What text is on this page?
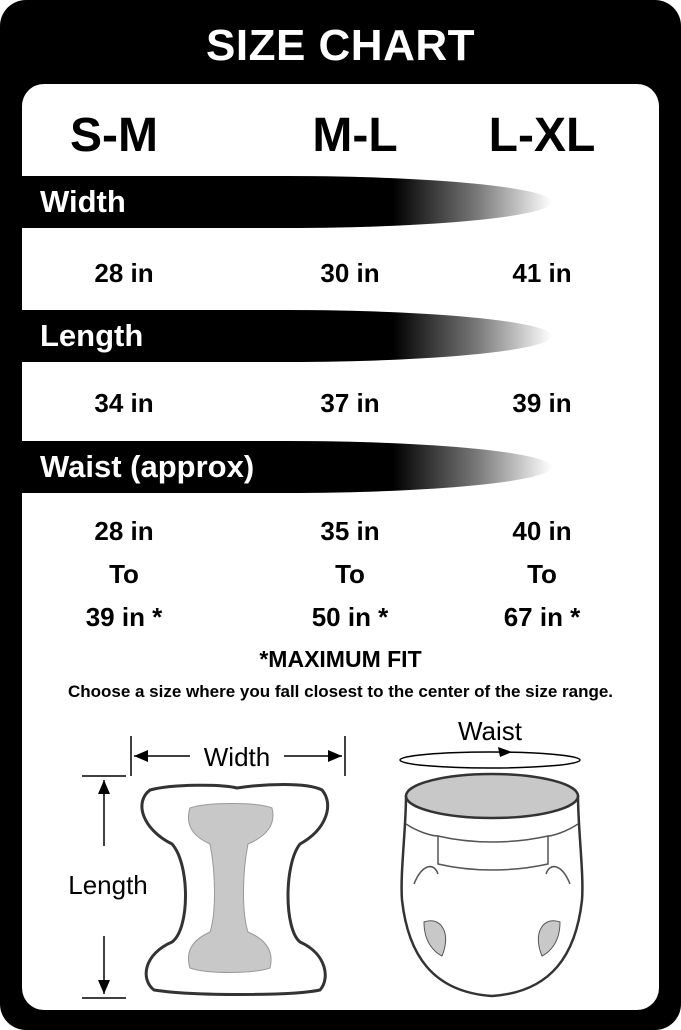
SIZE CHART
S-M	M-L	L-XL
Width
28 in	30 in	41 in
Length
34 in	37 in	39 in
Waist (approx)
28 in	35 in	40 in
To	To	To
39 in *	50 in *	67 in *
*MAXIMUM FIT
Choose a size where you fall closest to the center of the size range.
Width
Length
Waist
